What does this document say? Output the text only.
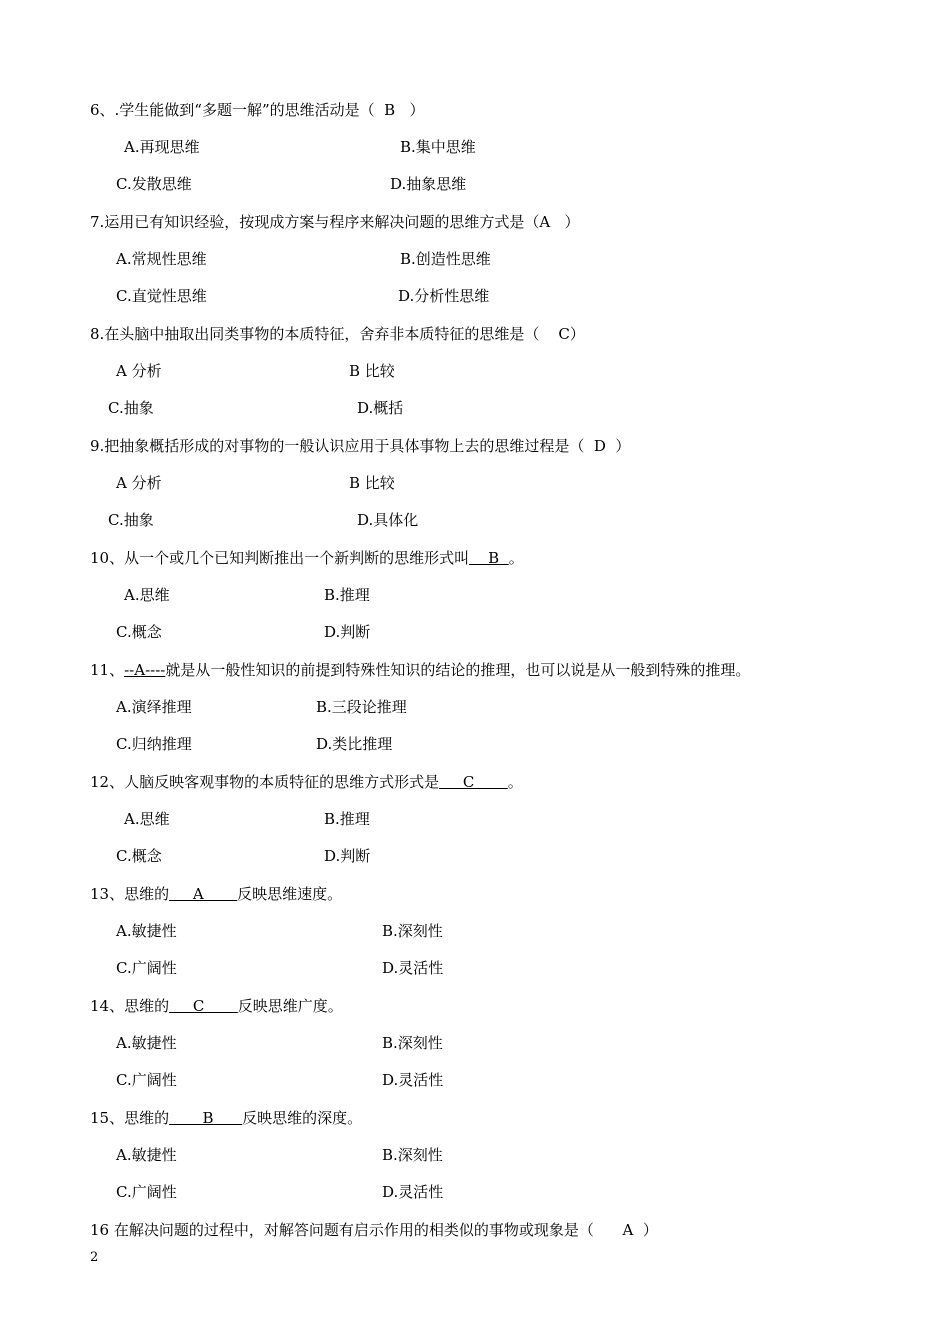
6、.学生能做到“多题一解”的思维活动是（  B   ）
A.再现思维	B.集中思维
C.发散思维	D.抽象思维
7.运用已有知识经验，按现成方案与程序来解决问题的思维方式是（A   ）
A.常规性思维	B.创造性思维
C.直觉性思维	D.分析性思维
8.在头脑中抽取出同类事物的本质特征，舍弃非本质特征的思维是（    C）
A 分析	B 比较
C.抽象	D.概括
9.把抽象概括形成的对事物的一般认识应用于具体事物上去的思维过程是（  D  ）
A 分析	B 比较
C.抽象	D.具体化
10、从一个或几个已知判断推出一个新判断的思维形式叫    B  。
A.思维	B.推理
C.概念	D.判断
11、--A----就是从一般性知识的前提到特殊性知识的结论的推理，也可以说是从一般到特殊的推理。
A.演绎推理	B.三段论推理
C.归纳推理	D.类比推理
12、人脑反映客观事物的本质特征的思维方式形式是     C       。
A.思维	B.推理
C.概念	D.判断
13、思维的     A       反映思维速度。
A.敏捷性	B.深刻性
C.广阔性	D.灵活性
14、思维的     C       反映思维广度。
A.敏捷性	B.深刻性
C.广阔性	D.灵活性
15、思维的       B      反映思维的深度。
A.敏捷性	B.深刻性
C.广阔性	D.灵活性
16 在解决问题的过程中，对解答问题有启示作用的相类似的事物或现象是（      A  ）
2
